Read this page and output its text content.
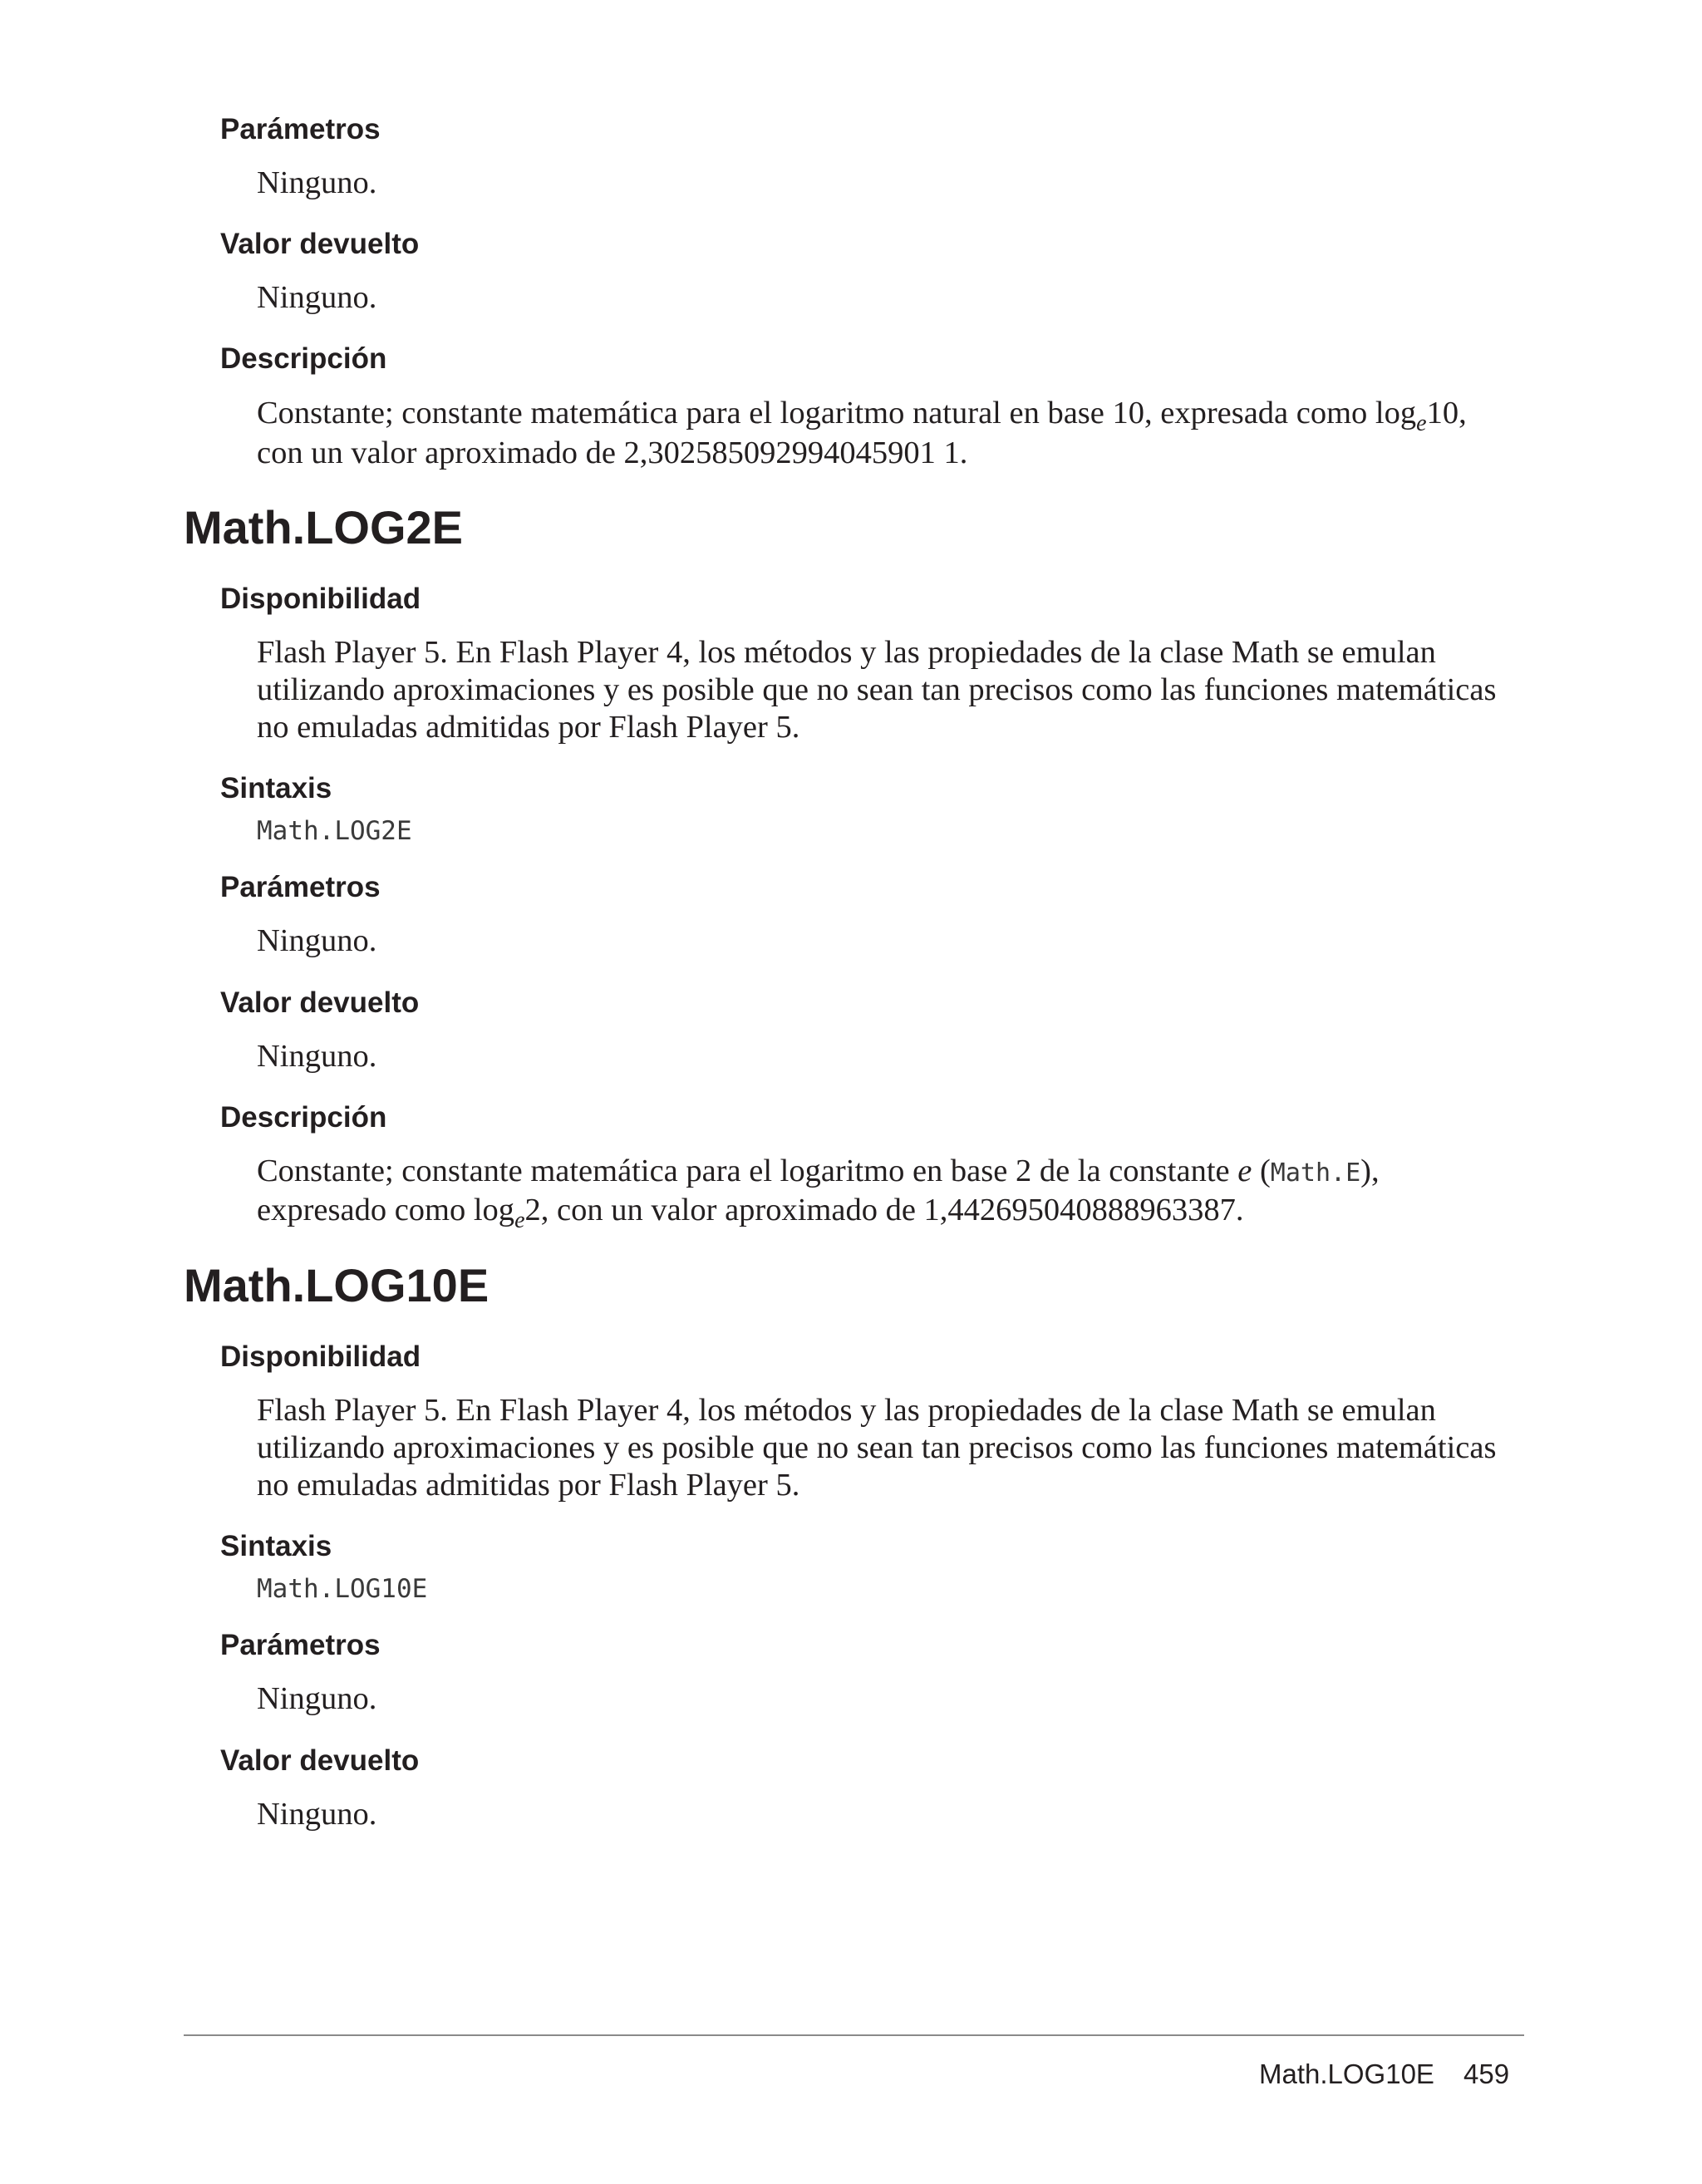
Parámetros

Ninguno.

Valor devuelto

Ninguno.

Descripción

Constante; constante matemática para el logaritmo natural en base 10, expresada como $\log_e10$,
con un valor aproximado de 2,302585092994045901 1.

Math.LOG2E
Disponibilidad

Flash Player 5. En Flash Player 4, los métodos y las propiedades de la clase Math se emulan
utilizando aproximaciones y es posible que no sean tan precisos como las funciones matemáticas
no emuladas admitidas por Flash Player 5.

Sintaxis
Math.LOG2E
Parámetros

Ninguno.

Valor devuelto

Ninguno.

Descripción

Constante; constante matemática para el logaritmo en base 2 de la constante e (Math.E),
expresado como $\log_e2$, con un valor aproximado de 1,442695040888963387.

Math.LOG10E
Disponibilidad

Flash Player 5. En Flash Player 4, los métodos y las propiedades de la clase Math se emulan
utilizando aproximaciones y es posible que no sean tan precisos como las funciones matemáticas
no emuladas admitidas por Flash Player 5.

Sintaxis
Math.LOG10E
Parámetros

Ninguno.

Valor devuelto

Ninguno.

Math.LOG10E 459
